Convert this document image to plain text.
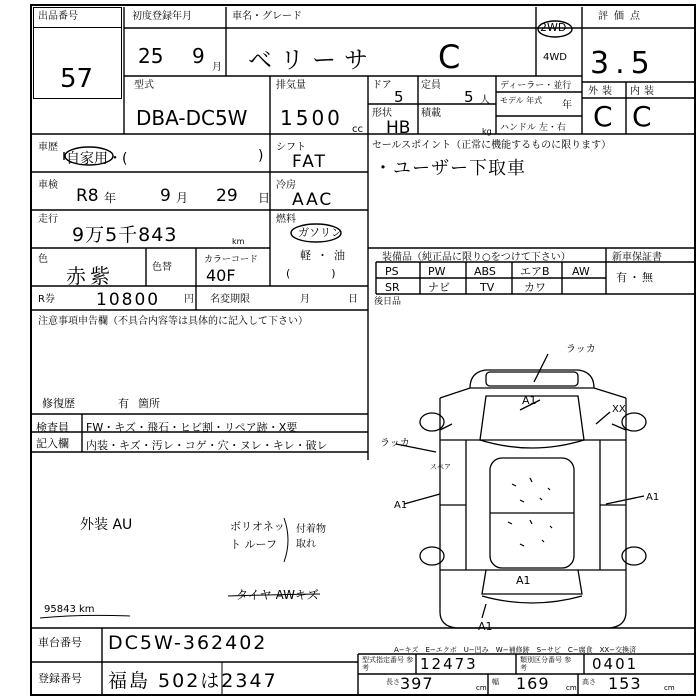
出品番号
57
初度登録年月
25 9 月
車名・グレード
ベリーサ C
2WD
4WD
評価点
3.5
型式
DBA-DC5W
排気量
1500 cc
ドア
5
定員
5 人
ディーラー・並行
モデル 年式	年
ハンドル 左・右
形状
HB
積載
kg
外装 内装
C C
車歴
自家用・(	)
シフト
FAT
車検
R8 年	9 月 29 日
冷房
AAC
走行
9万5千843	km
燃料
ガソリン
軽・油
(　　　)
色
赤紫	色替
カラーコード
40F
R券 10800 円 名変期限	月	日
注意事項申告欄（不具合内容等は具体的に記入して下さい）
修復歴	有 箇所
検査員
記入欄
FW・キズ・飛石・ヒビ割・リペア跡・X要
内装・キズ・汚レ・コゲ・穴・ヌレ・キレ・破レ
外装 AU	ボリオネット ルーフ
付着物 取れ
タイヤ AWキズ
95843 km
セールスポイント（正常に機能するものに限ります）
・ユーザー下取車
装備品（純正品に限り○をつけて下さい）	新車保証書
有・無
PS	PW	ABS エアB AW
SR	ナビ	TV	カワ
後日品
ラッカ
A1
XX
ラッカ
スペア
A1
A1
A1
A1
車台番号 DC5W-362402
登録番号 福島 502は2347
A−キズ　E−エクボ　U−凹み　W−補修跡　S−サビ　C−腐食　XX−交換済
型式指定番号 参考	12473	類別区分番号 参考	0401
長さ 397	cm
幅 169 cm
高さ 153	cm
